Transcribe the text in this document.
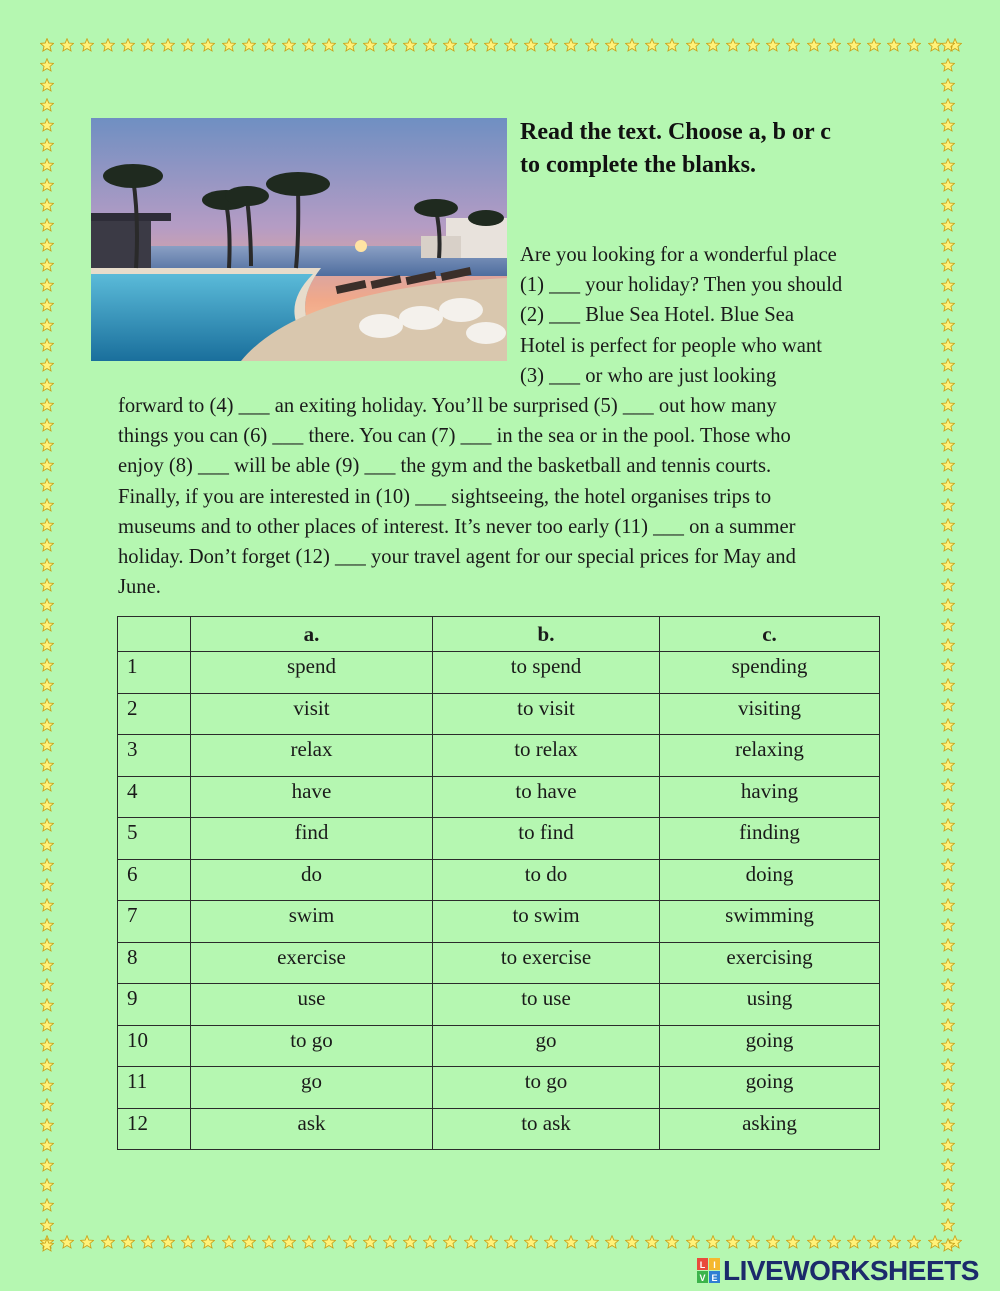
Read the text. Choose a, b or c
to complete the blanks.
Are you looking for a wonderful place
(1) ___ your holiday? Then you should
(2) ___ Blue Sea Hotel. Blue Sea
Hotel is perfect for people who want
(3) ___ or who are just looking
forward to (4) ___ an exiting holiday. You’ll be surprised (5) ___ out how many
things you can (6) ___ there. You can (7) ___ in the sea or in the pool. Those who
enjoy (8) ___ will be able (9) ___ the gym and the basketball and tennis courts.
Finally, if you are interested in (10) ___ sightseeing, the hotel organises trips to
museums and to other places of interest. It’s never too early (11) ___ on a summer
holiday. Don’t forget (12) ___ your travel agent for our special prices for May and
June.
	a.	b.	c.
1	spend	to spend	spending
2	visit	to visit	visiting
3	relax	to relax	relaxing
4	have	to have	having
5	find	to find	finding
6	do	to do	doing
7	swim	to swim	swimming
8	exercise	to exercise	exercising
9	use	to use	using
10	to go	go	going
11	go	to go	going
12	ask	to ask	asking
L I
V E LIVEWORKSHEETS
